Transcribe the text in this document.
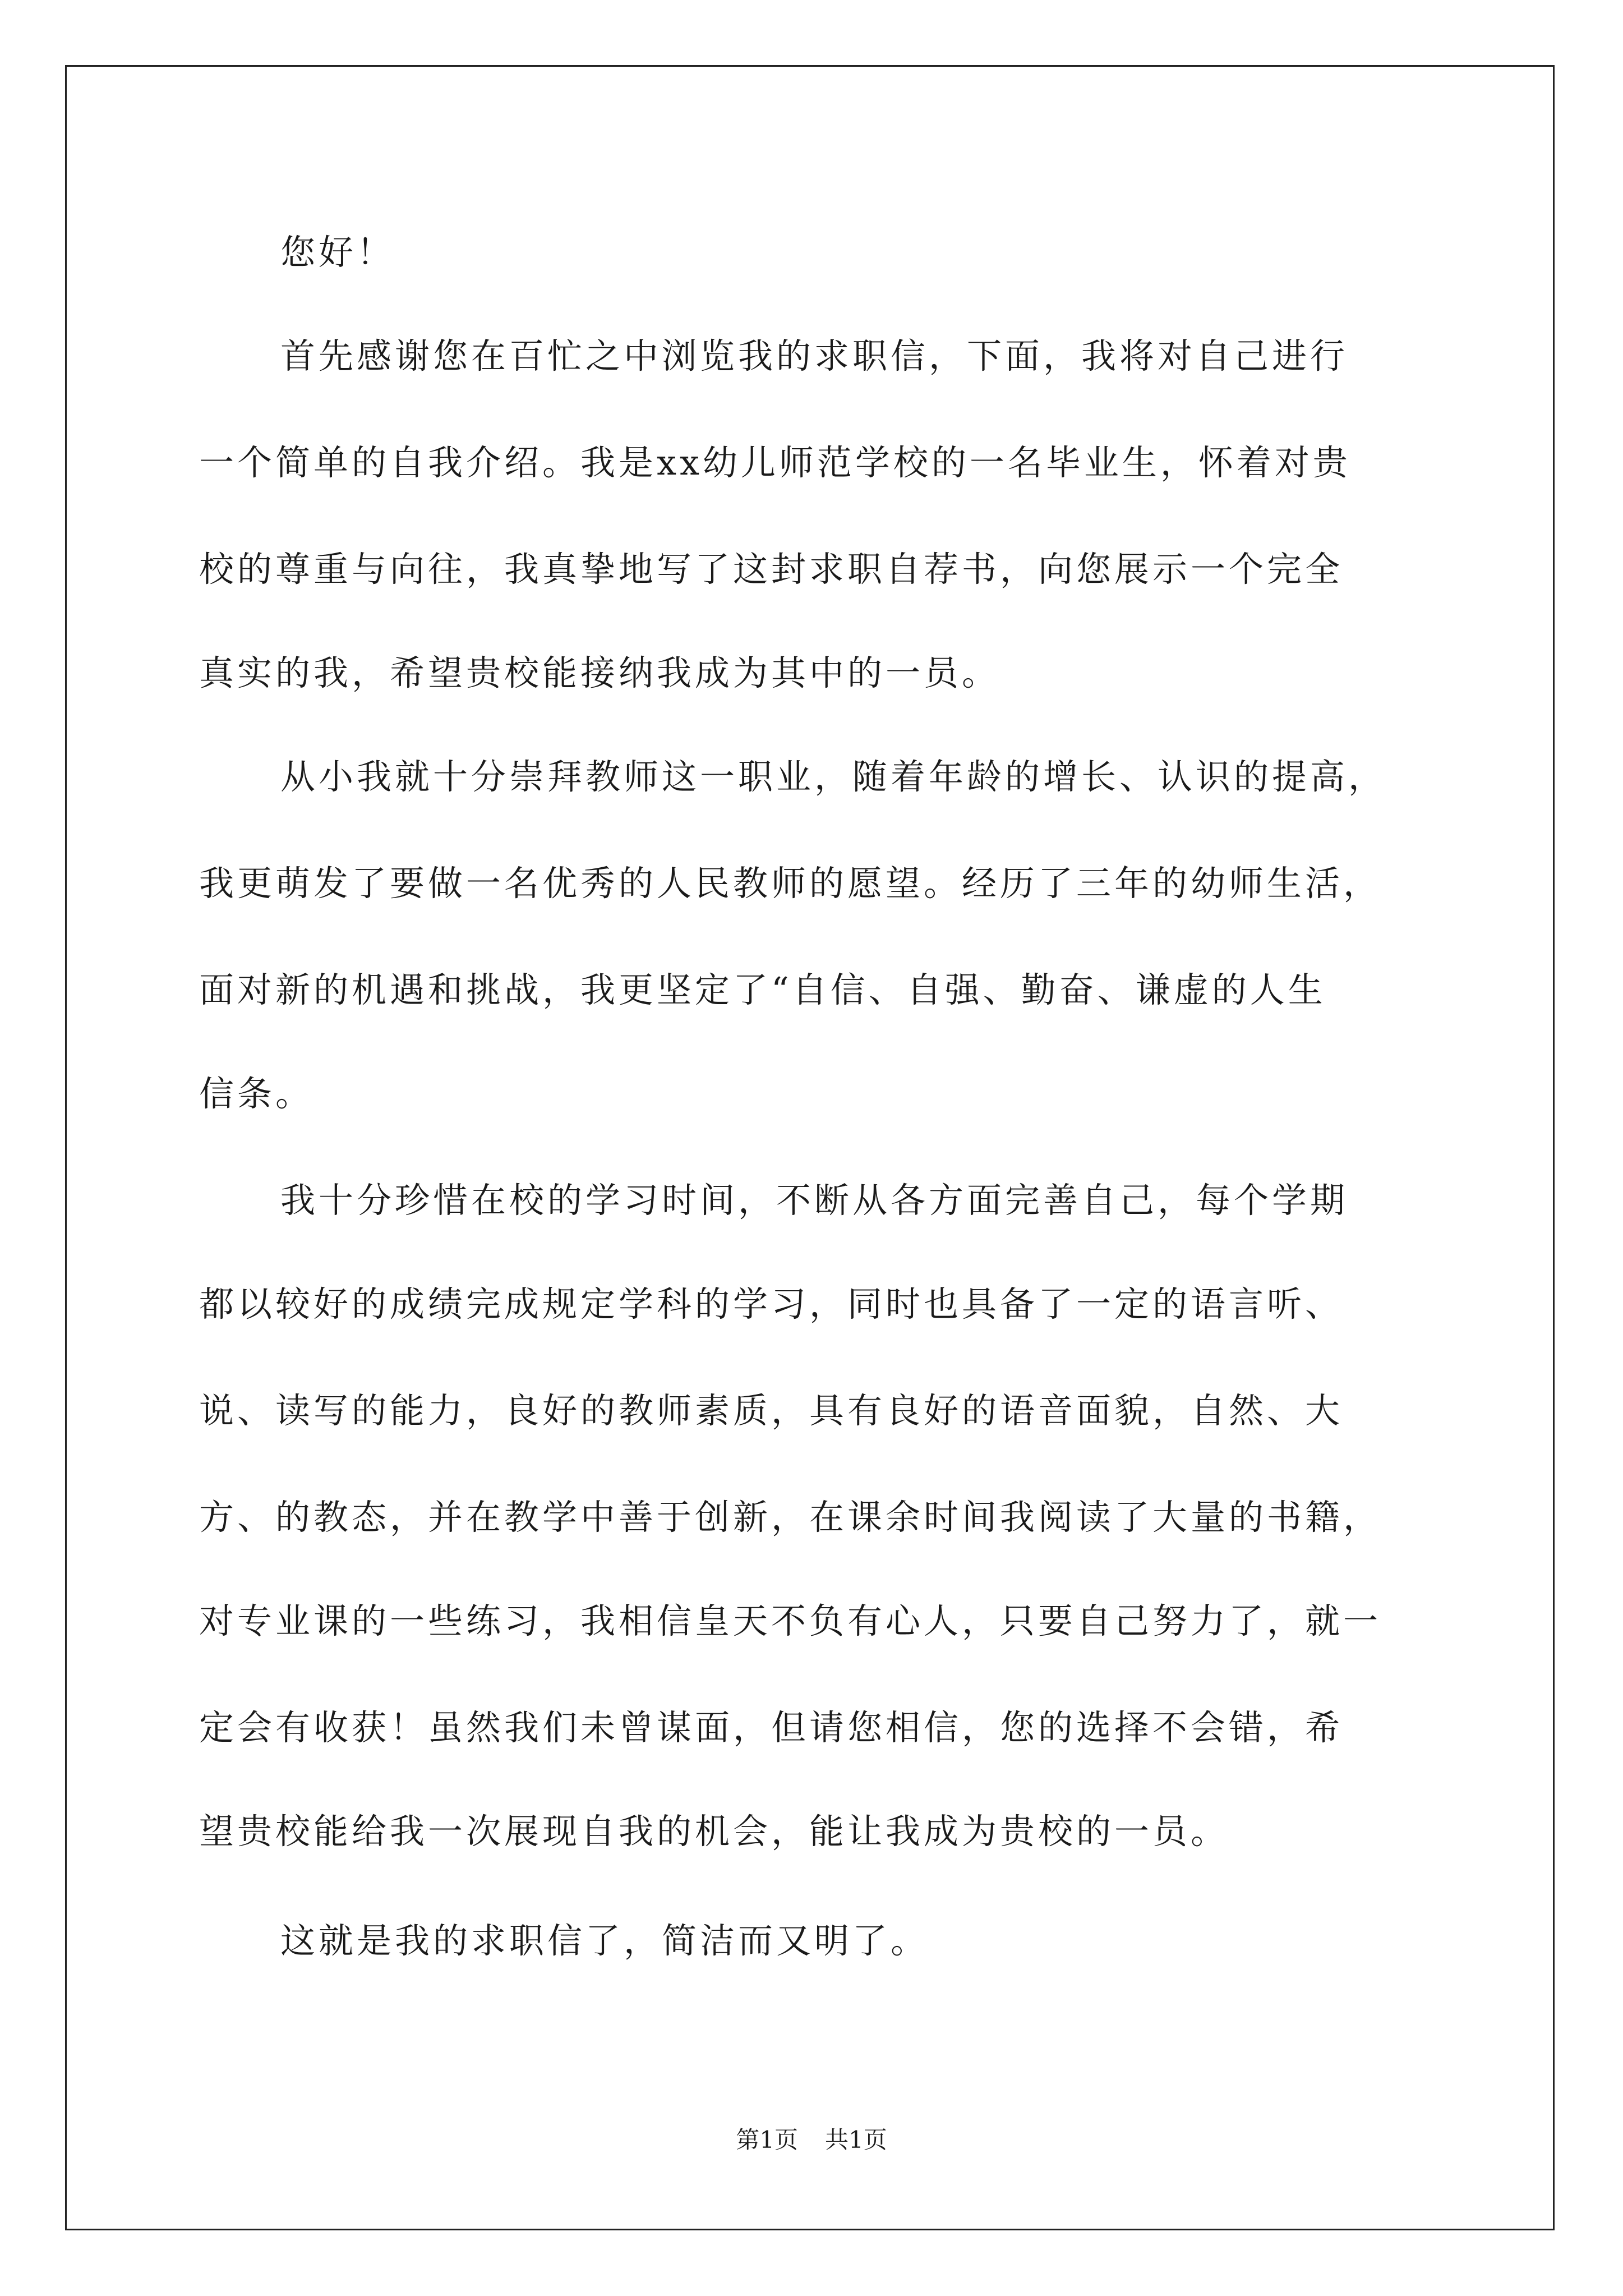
您好！
首先感谢您在百忙之中浏览我的求职信，下面，我将对自己进行
一个简单的自我介绍。我是xx幼儿师范学校的一名毕业生，怀着对贵
校的尊重与向往，我真挚地写了这封求职自荐书，向您展示一个完全
真实的我，希望贵校能接纳我成为其中的一员。
从小我就十分崇拜教师这一职业，随着年龄的增长、认识的提高，
我更萌发了要做一名优秀的人民教师的愿望。经历了三年的幼师生活，
面对新的机遇和挑战，我更坚定了“自信、自强、勤奋、谦虚的人生
信条。
我十分珍惜在校的学习时间，不断从各方面完善自己，每个学期
都以较好的成绩完成规定学科的学习，同时也具备了一定的语言听、
说、读写的能力，良好的教师素质，具有良好的语音面貌，自然、大
方、的教态，并在教学中善于创新，在课余时间我阅读了大量的书籍，
对专业课的一些练习，我相信皇天不负有心人，只要自己努力了，就一
定会有收获！虽然我们未曾谋面，但请您相信，您的选择不会错，希
望贵校能给我一次展现自我的机会，能让我成为贵校的一员。
这就是我的求职信了，简洁而又明了。
第1页 共1页
